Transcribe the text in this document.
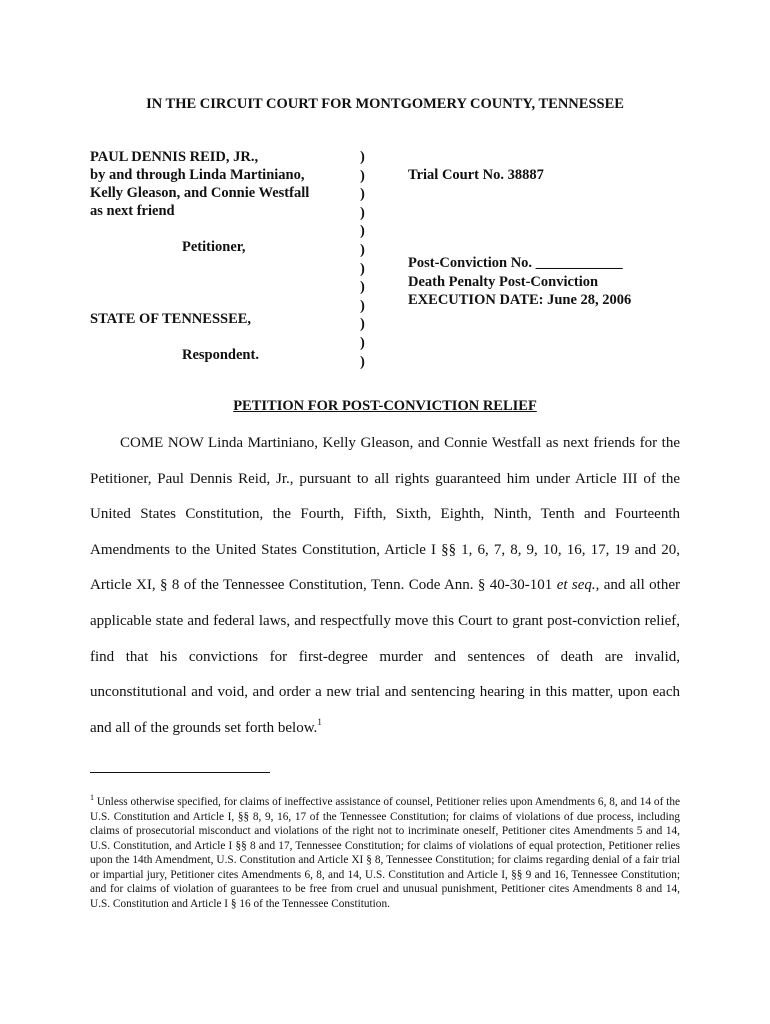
IN THE CIRCUIT COURT FOR MONTGOMERY COUNTY, TENNESSEE
PAUL DENNIS REID, JR.,
by and through Linda Martiniano,
Kelly Gleason, and Connie Westfall
as next friend
Petitioner,
STATE OF TENNESSEE,
Respondent.
)
)
)
)
)
)
)
)
)
)
)
)
Trial Court No. 38887
Post-Conviction No. ____________
Death Penalty Post-Conviction
EXECUTION DATE: June 28, 2006
PETITION FOR POST-CONVICTION RELIEF
COME NOW Linda Martiniano, Kelly Gleason, and Connie Westfall as next friends for the Petitioner, Paul Dennis Reid, Jr., pursuant to all rights guaranteed him under Article III of the United States Constitution, the Fourth, Fifth, Sixth, Eighth, Ninth, Tenth and Fourteenth Amendments to the United States Constitution, Article I §§ 1, 6, 7, 8, 9, 10, 16, 17, 19 and 20, Article XI, § 8 of the Tennessee Constitution, Tenn. Code Ann. § 40-30-101 et seq., and all other applicable state and federal laws, and respectfully move this Court to grant post-conviction relief, find that his convictions for first-degree murder and sentences of death are invalid, unconstitutional and void, and order a new trial and sentencing hearing in this matter, upon each and all of the grounds set forth below.$^1$
$^1$ Unless otherwise specified, for claims of ineffective assistance of counsel, Petitioner relies upon Amendments 6, 8, and 14 of the U.S. Constitution and Article I, §§ 8, 9, 16, 17 of the Tennessee Constitution; for claims of violations of due process, including claims of prosecutorial misconduct and violations of the right not to incriminate oneself, Petitioner cites Amendments 5 and 14, U.S. Constitution, and Article I §§ 8 and 17, Tennessee Constitution; for claims of violations of equal protection, Petitioner relies upon the 14th Amendment, U.S. Constitution and Article XI § 8, Tennessee Constitution; for claims regarding denial of a fair trial or impartial jury, Petitioner cites Amendments 6, 8, and 14, U.S. Constitution and Article I, §§ 9 and 16, Tennessee Constitution; and for claims of violation of guarantees to be free from cruel and unusual punishment, Petitioner cites Amendments 8 and 14, U.S. Constitution and Article I § 16 of the Tennessee Constitution.
